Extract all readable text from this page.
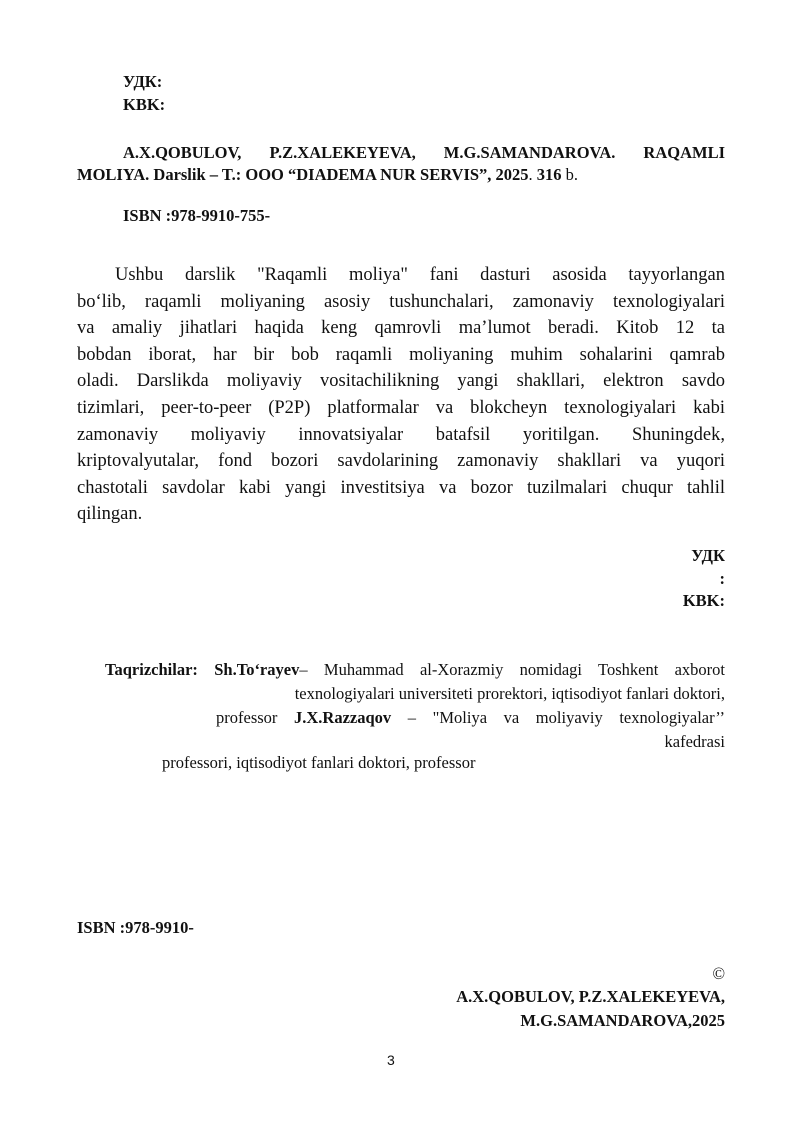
УДК:
KBK:
A.X.QOBULOV, P.Z.XALEKEYEVA, M.G.SAMANDAROVA. RAQAMLI
MOLIYA. Darslik – T.: OOO “DIADEMA NUR SERVIS”, 2025. 316 b.
ISBN :978-9910-755-
Ushbu darslik "Raqamli moliya" fani dasturi asosida tayyorlangan
bo‘lib, raqamli moliyaning asosiy tushunchalari, zamonaviy texnologiyalari
va amaliy jihatlari haqida keng qamrovli ma’lumot beradi. Kitob 12 ta
bobdan iborat, har bir bob raqamli moliyaning muhim sohalarini qamrab
oladi. Darslikda moliyaviy vositachilikning yangi shakllari, elektron savdo
tizimlari, peer-to-peer (P2P) platformalar va blokcheyn texnologiyalari kabi
zamonaviy moliyaviy innovatsiyalar batafsil yoritilgan. Shuningdek,
kriptovalyutalar, fond bozori savdolarining zamonaviy shakllari va yuqori
chastotali savdolar kabi yangi investitsiya va bozor tuzilmalari chuqur tahlil
qilingan.
УДК
:
KBK:
Taqrizchilar: Sh.To‘rayev– Muhammad al-Xorazmiy nomidagi Toshkent axborot
texnologiyalari universiteti prorektori, iqtisodiyot fanlari doktori,
professor J.X.Razzaqov – "Moliya va moliyaviy texnologiyalar’’
kafedrasi
professori, iqtisodiyot fanlari doktori, professor
ISBN :978-9910-
©
A.X.QOBULOV, P.Z.XALEKEYEVA,
M.G.SAMANDAROVA,2025
3
